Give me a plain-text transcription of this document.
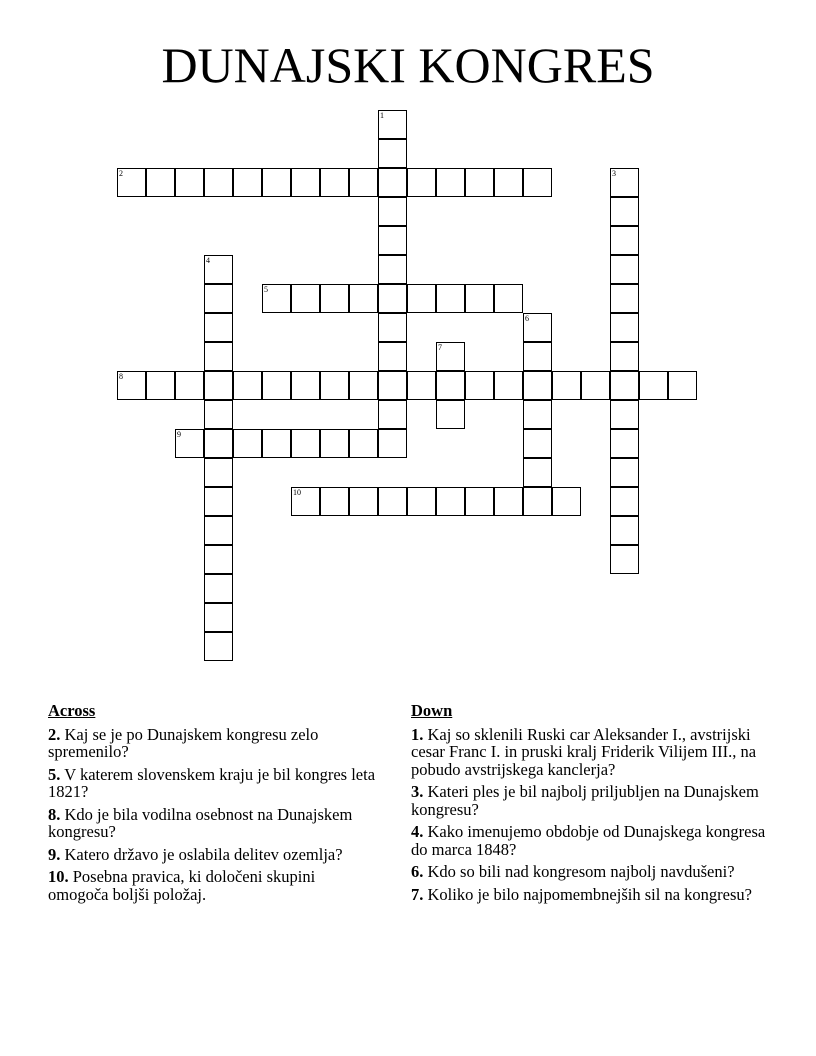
DUNAJSKI KONGRES
1
2	3
4
5
6
7
8
9
10
Across
2. Kaj se je po Dunajskem kongresu zelo spremenilo?
5. V katerem slovenskem kraju je bil kongres leta 1821?
8. Kdo je bila vodilna osebnost na Dunajskem kongresu?
9. Katero državo je oslabila delitev ozemlja?
10. Posebna pravica, ki določeni skupini omogoča boljši položaj.
Down
1. Kaj so sklenili Ruski car Aleksander I., avstrijski cesar Franc I. in pruski kralj Friderik Vilijem III., na pobudo avstrijskega kanclerja?
3. Kateri ples je bil najbolj priljubljen na Dunajskem kongresu?
4. Kako imenujemo obdobje od Dunajskega kongresa do marca 1848?
6. Kdo so bili nad kongresom najbolj navdušeni?
7. Koliko je bilo najpomembnejših sil na kongresu?
